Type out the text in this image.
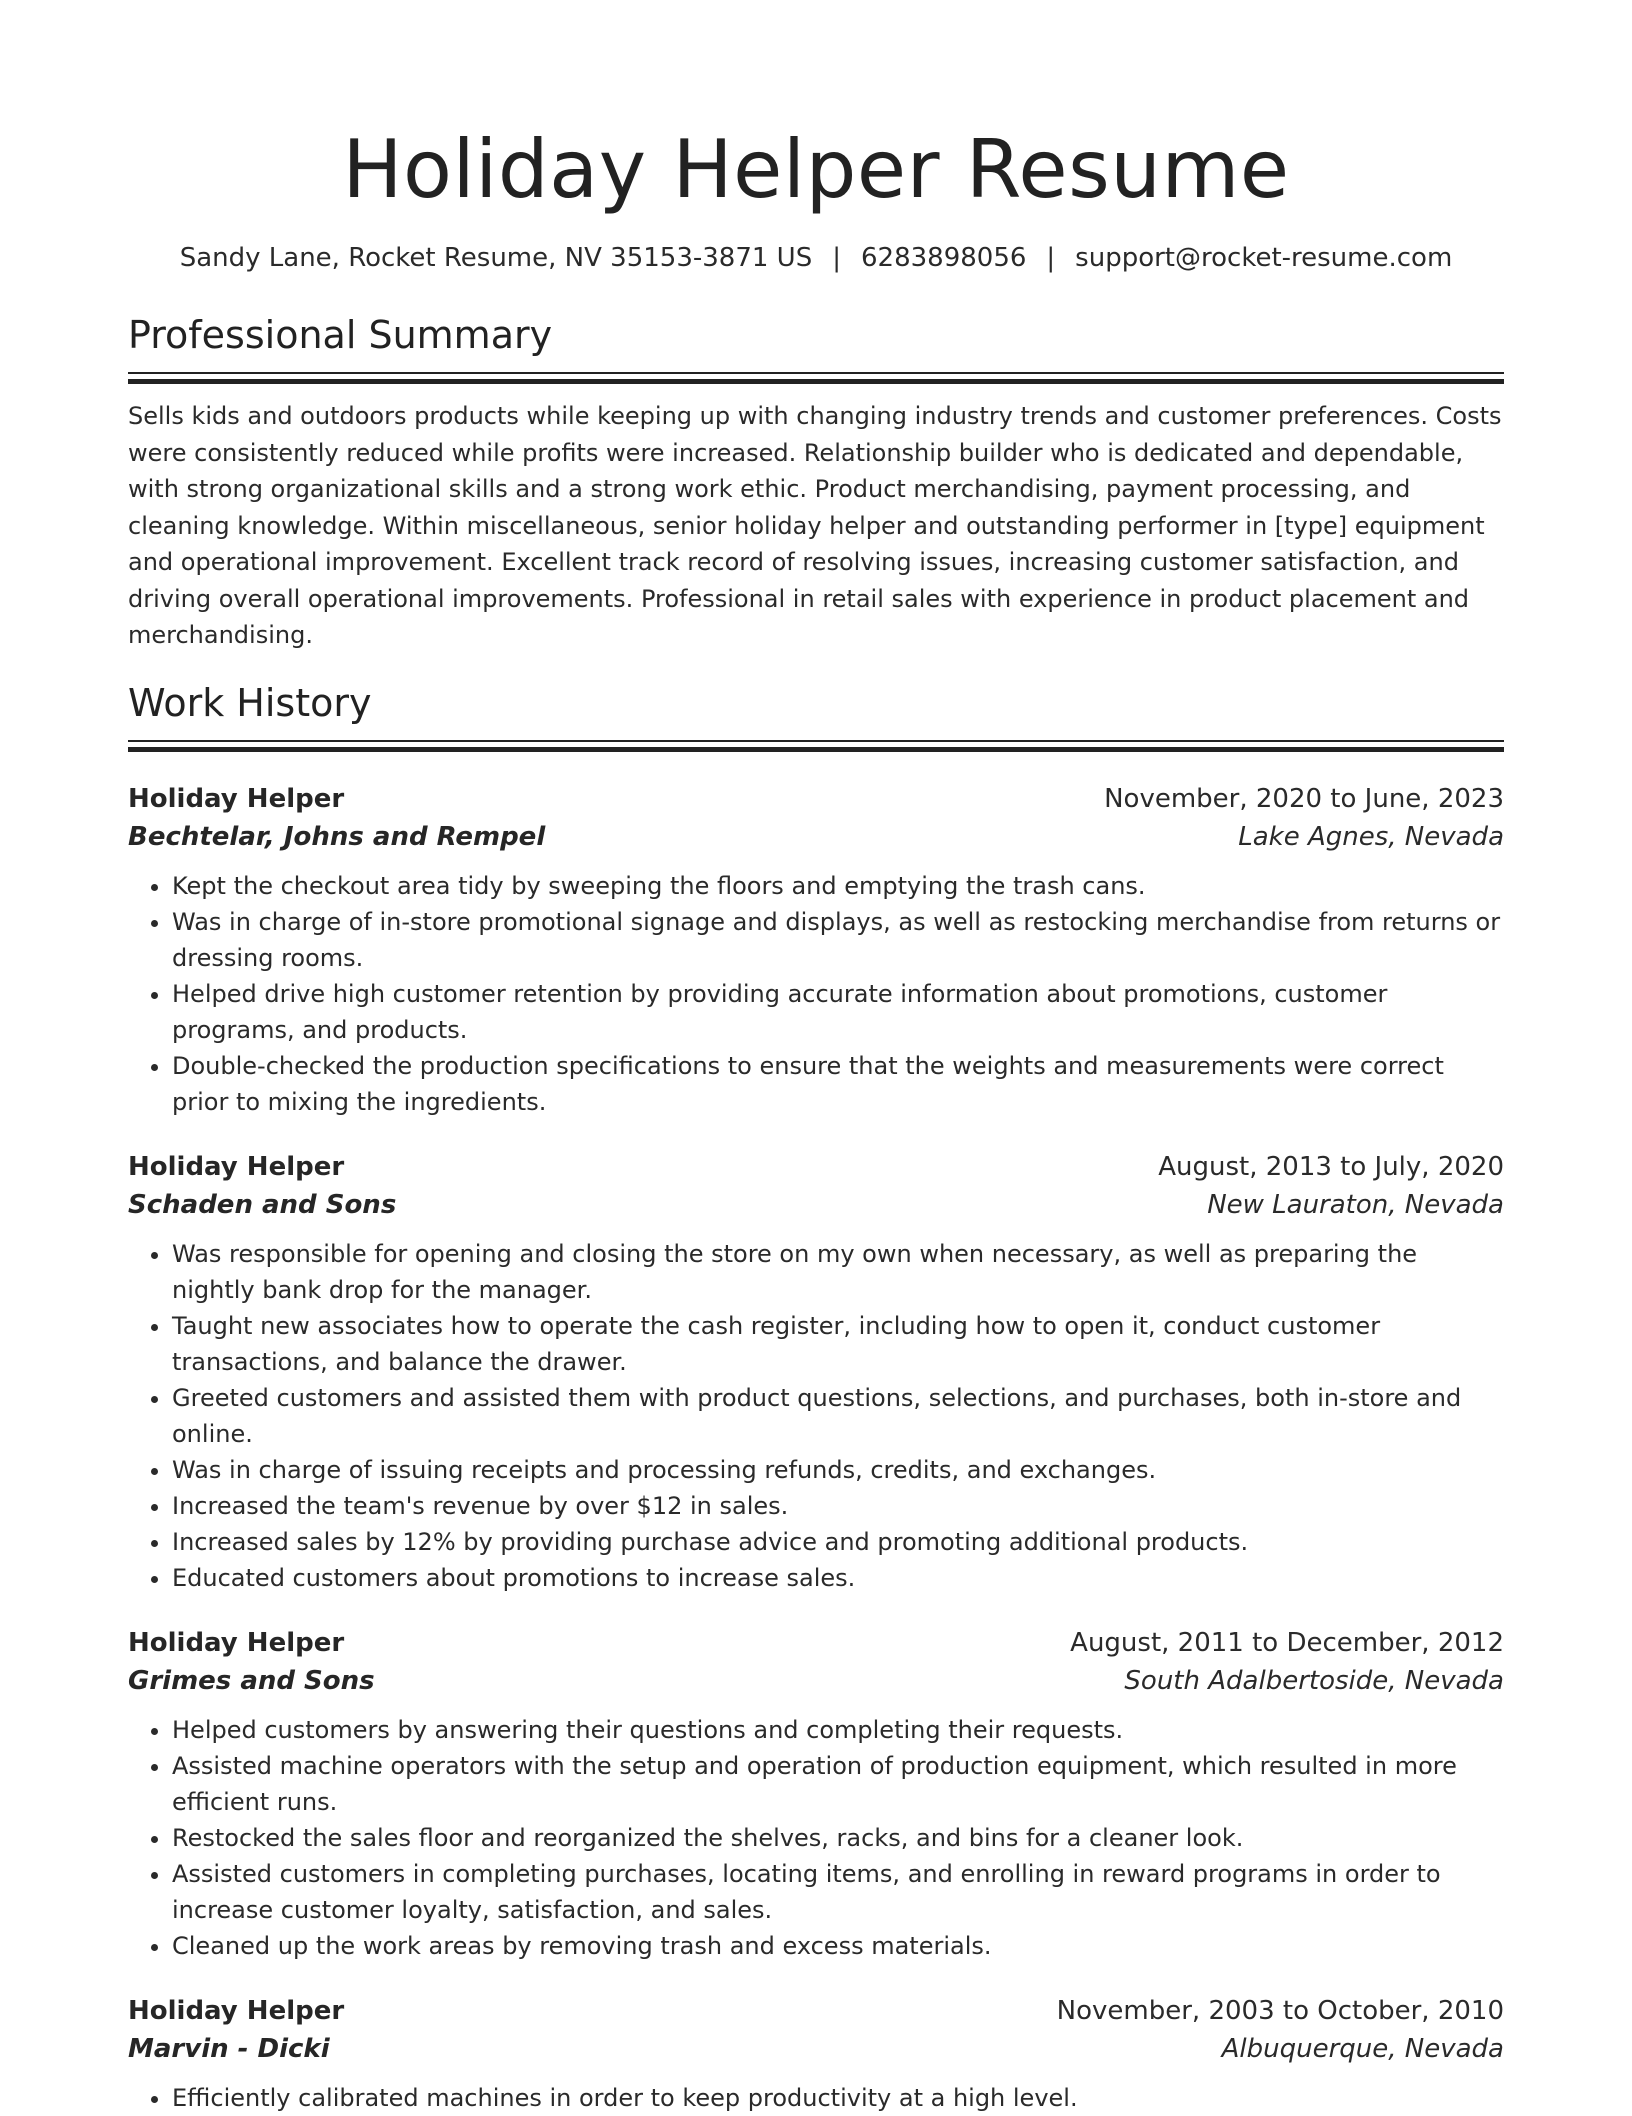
Holiday Helper Resume
Sandy Lane, Rocket Resume, NV 35153-3871 US | 6283898056 | support@rocket-resume.com
Professional Summary

Sells kids and outdoors products while keeping up with changing industry trends and customer preferences. Costs were consistently reduced while profits were increased. Relationship builder who is dedicated and dependable, with strong organizational skills and a strong work ethic. Product merchandising, payment processing, and cleaning knowledge. Within miscellaneous, senior holiday helper and outstanding performer in [type] equipment and operational improvement. Excellent track record of resolving issues, increasing customer satisfaction, and driving overall operational improvements. Professional in retail sales with experience in product placement and merchandising.

Work History
Holiday Helper	November, 2020 to June, 2023
Bechtelar, Johns and Rempel	Lake Agnes, Nevada
• Kept the checkout area tidy by sweeping the floors and emptying the trash cans.
• Was in charge of in-store promotional signage and displays, as well as restocking merchandise from returns or dressing rooms.
• Helped drive high customer retention by providing accurate information about promotions, customer programs, and products.
• Double-checked the production specifications to ensure that the weights and measurements were correct prior to mixing the ingredients.
Holiday Helper	August, 2013 to July, 2020
Schaden and Sons	New Lauraton, Nevada
• Was responsible for opening and closing the store on my own when necessary, as well as preparing the nightly bank drop for the manager.
• Taught new associates how to operate the cash register, including how to open it, conduct customer transactions, and balance the drawer.
• Greeted customers and assisted them with product questions, selections, and purchases, both in-store and online.
• Was in charge of issuing receipts and processing refunds, credits, and exchanges.
• Increased the team's revenue by over $12 in sales.
• Increased sales by 12% by providing purchase advice and promoting additional products.
• Educated customers about promotions to increase sales.
Holiday Helper	August, 2011 to December, 2012
Grimes and Sons	South Adalbertoside, Nevada
• Helped customers by answering their questions and completing their requests.
• Assisted machine operators with the setup and operation of production equipment, which resulted in more efficient runs.
• Restocked the sales floor and reorganized the shelves, racks, and bins for a cleaner look.
• Assisted customers in completing purchases, locating items, and enrolling in reward programs in order to increase customer loyalty, satisfaction, and sales.
• Cleaned up the work areas by removing trash and excess materials.
Holiday Helper	November, 2003 to October, 2010
Marvin - Dicki	Albuquerque, Nevada
• Efficiently calibrated machines in order to keep productivity at a high level.
